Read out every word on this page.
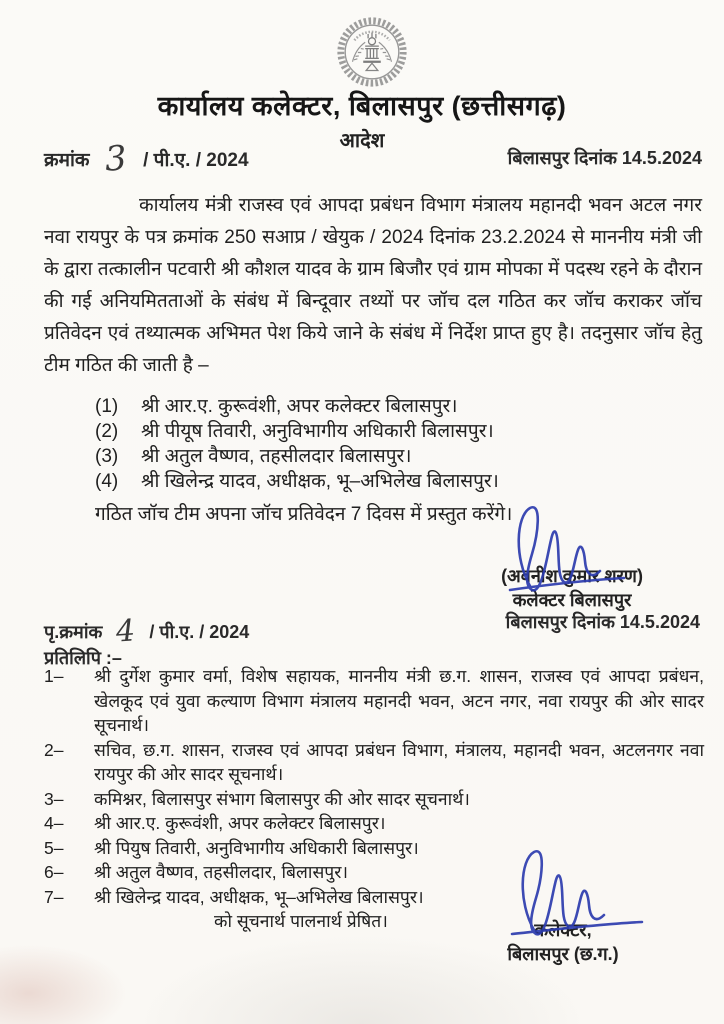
कार्यालय कलेक्टर, बिलासपुर (छत्तीसगढ़)
आदेश
क्रमांक 3 / पी.ए. / 2024	बिलासपुर दिनांक 14.5.2024
कार्यालय मंत्री राजस्व एवं आपदा प्रबंधन विभाग मंत्रालय महानदी भवन अटल नगर नवा रायपुर के पत्र क्रमांक 250 सआप्र / खेयुक / 2024 दिनांक 23.2.2024 से माननीय मंत्री जी के द्वारा तत्कालीन पटवारी श्री कौशल यादव के ग्राम बिजौर एवं ग्राम मोपका में पदस्थ रहने के दौरान की गई अनियमितताओं के संबंध में बिन्दूवार तथ्यों पर जॉच दल गठित कर जॉच कराकर जॉच प्रतिवेदन एवं तथ्यात्मक अभिमत पेश किये जाने के संबंध में निर्देश प्राप्त हुए है। तदनुसार जॉच हेतु टीम गठित की जाती है –
(1)	श्री आर.ए. कुरूवंशी, अपर कलेक्टर बिलासपुर।
(2)	श्री पीयूष तिवारी, अनुविभागीय अधिकारी बिलासपुर।
(3)	श्री अतुल वैष्णव, तहसीलदार बिलासपुर।
(4)	श्री खिलेन्द्र यादव, अधीक्षक, भू–अभिलेख बिलासपुर।
गठित जॉच टीम अपना जॉच प्रतिवेदन 7 दिवस में प्रस्तुत करेंगे।
(अवनीश कुमार शरण)
कलेक्टर बिलासपुर
बिलासपुर दिनांक 14.5.2024
पृ.क्रमांक 4 / पी.ए. / 2024
प्रतिलिपि :–
1–	श्री दुर्गेश कुमार वर्मा, विशेष सहायक, माननीय मंत्री छ.ग. शासन, राजस्व एवं आपदा प्रबंधन, खेलकूद एवं युवा कल्याण विभाग मंत्रालय महानदी भवन, अटन नगर, नवा रायपुर की ओर सादर सूचनार्थ।
2–	सचिव, छ.ग. शासन, राजस्व एवं आपदा प्रबंधन विभाग, मंत्रालय, महानदी भवन, अटलनगर नवा रायपुर की ओर सादर सूचनार्थ।
3–	कमिश्नर, बिलासपुर संभाग बिलासपुर की ओर सादर सूचनार्थ।
4–	श्री आर.ए. कुरूवंशी, अपर कलेक्टर बिलासपुर।
5–	श्री पियुष तिवारी, अनुविभागीय अधिकारी बिलासपुर।
6–	श्री अतुल वैष्णव, तहसीलदार, बिलासपुर।
7–	श्री खिलेन्द्र यादव, अधीक्षक, भू–अभिलेख बिलासपुर।
को सूचनार्थ पालनार्थ प्रेषित।	कलेक्टर,
बिलासपुर (छ.ग.)
